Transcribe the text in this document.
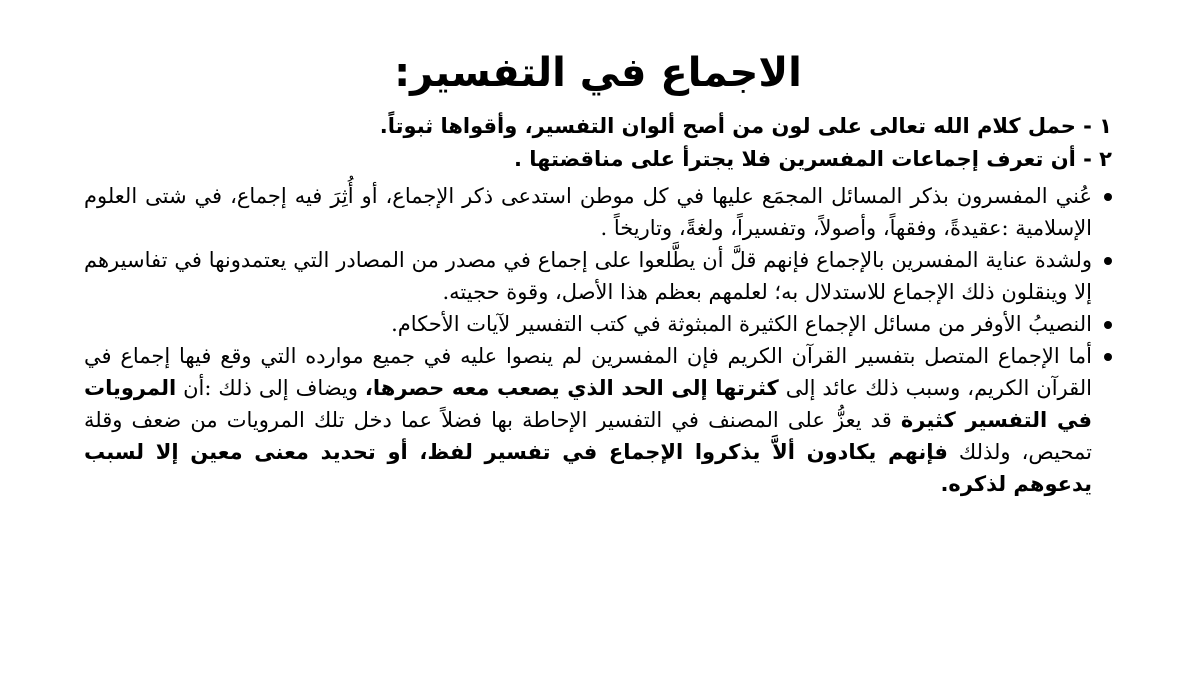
الاجماع في التفسير:

١ - حمل كلام الله تعالى على لون من أصح ألوان التفسير، وأقواها ثبوتاً.

٢ - أن تعرف إجماعات المفسرين فلا يجترأ على مناقضتها .

عُني المفسرون بذكر المسائل المجمَع عليها في كل موطن استدعى ذكر الإجماع، أو أُثِرَ فيه إجماع، في شتى العلوم الإسلامية :عقيدةً، وفقهاً، وأصولاً، وتفسيراً، ولغةً، وتاريخاً .
ولشدة عناية المفسرين بالإجماع فإنهم قلَّ أن يطَّلعوا على إجماع في مصدر من المصادر التي يعتمدونها في تفاسيرهم إلا وينقلون ذلك الإجماع للاستدلال به؛ لعلمهم بعظم هذا الأصل، وقوة حجيته.
النصيبُ الأوفر من مسائل الإجماع الكثيرة المبثوثة في كتب التفسير لآيات الأحكام.
أما الإجماع المتصل بتفسير القرآن الكريم فإن المفسرين لم ينصوا عليه في جميع موارده التي وقع فيها إجماع في القرآن الكريم، وسبب ذلك عائد إلى كثرتها إلى الحد الذي يصعب معه حصرها، ويضاف إلى ذلك :أن المرويات في التفسير كثيرة قد يعزُّ على المصنف في التفسير الإحاطة بها فضلاً عما دخل تلك المرويات من ضعف وقلة تمحيص، ولذلك فإنهم يكادون ألاَّ يذكروا الإجماع في تفسير لفظ، أو تحديد معنى معين إلا لسبب يدعوهم لذكره.
